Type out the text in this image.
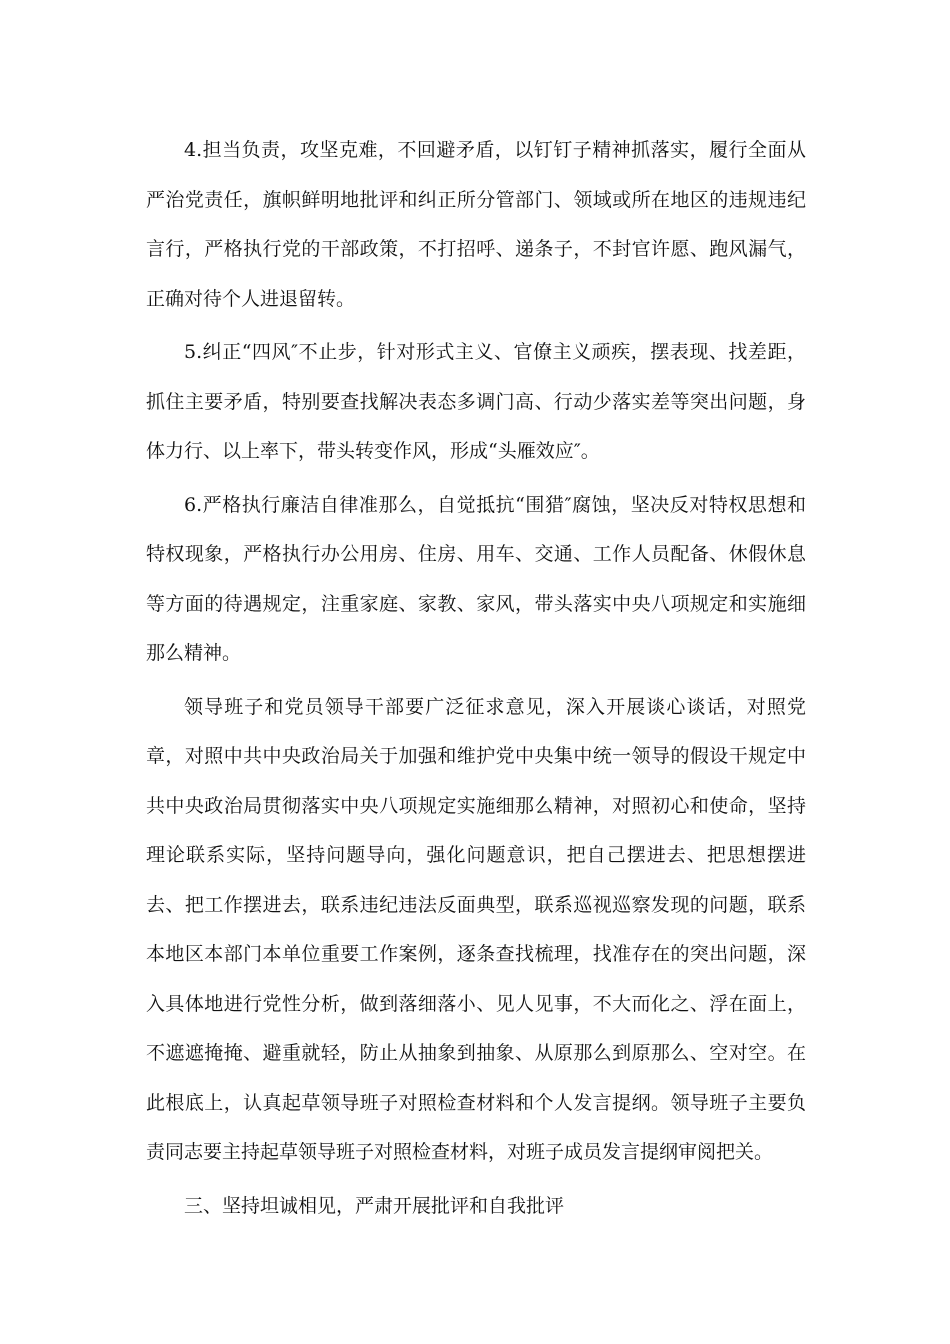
4.担当负责，攻坚克难，不回避矛盾，以钉钉子精神抓落实，履行全面从严治党责任，旗帜鲜明地批评和纠正所分管部门、领域或所在地区的违规违纪言行，严格执行党的干部政策，不打招呼、递条子，不封官许愿、跑风漏气，正确对待个人进退留转。

5.纠正“四风″不止步，针对形式主义、官僚主义顽疾，摆表现、找差距，抓住主要矛盾，特别要查找解决表态多调门高、行动少落实差等突出问题，身体力行、以上率下，带头转变作风，形成“头雁效应″。

6.严格执行廉洁自律准那么，自觉抵抗“围猎″腐蚀，坚决反对特权思想和特权现象，严格执行办公用房、住房、用车、交通、工作人员配备、休假休息等方面的待遇规定，注重家庭、家教、家风，带头落实中央八项规定和实施细那么精神。

领导班子和党员领导干部要广泛征求意见，深入开展谈心谈话，对照党章，对照中共中央政治局关于加强和维护党中央集中统一领导的假设干规定中共中央政治局贯彻落实中央八项规定实施细那么精神，对照初心和使命，坚持理论联系实际，坚持问题导向，强化问题意识，把自己摆进去、把思想摆进去、把工作摆进去，联系违纪违法反面典型，联系巡视巡察发现的问题，联系本地区本部门本单位重要工作案例，逐条查找梳理，找准存在的突出问题，深入具体地进行党性分析，做到落细落小、见人见事，不大而化之、浮在面上，不遮遮掩掩、避重就轻，防止从抽象到抽象、从原那么到原那么、空对空。在此根底上，认真起草领导班子对照检查材料和个人发言提纲。领导班子主要负责同志要主持起草领导班子对照检查材料，对班子成员发言提纲审阅把关。

三、坚持坦诚相见，严肃开展批评和自我批评
